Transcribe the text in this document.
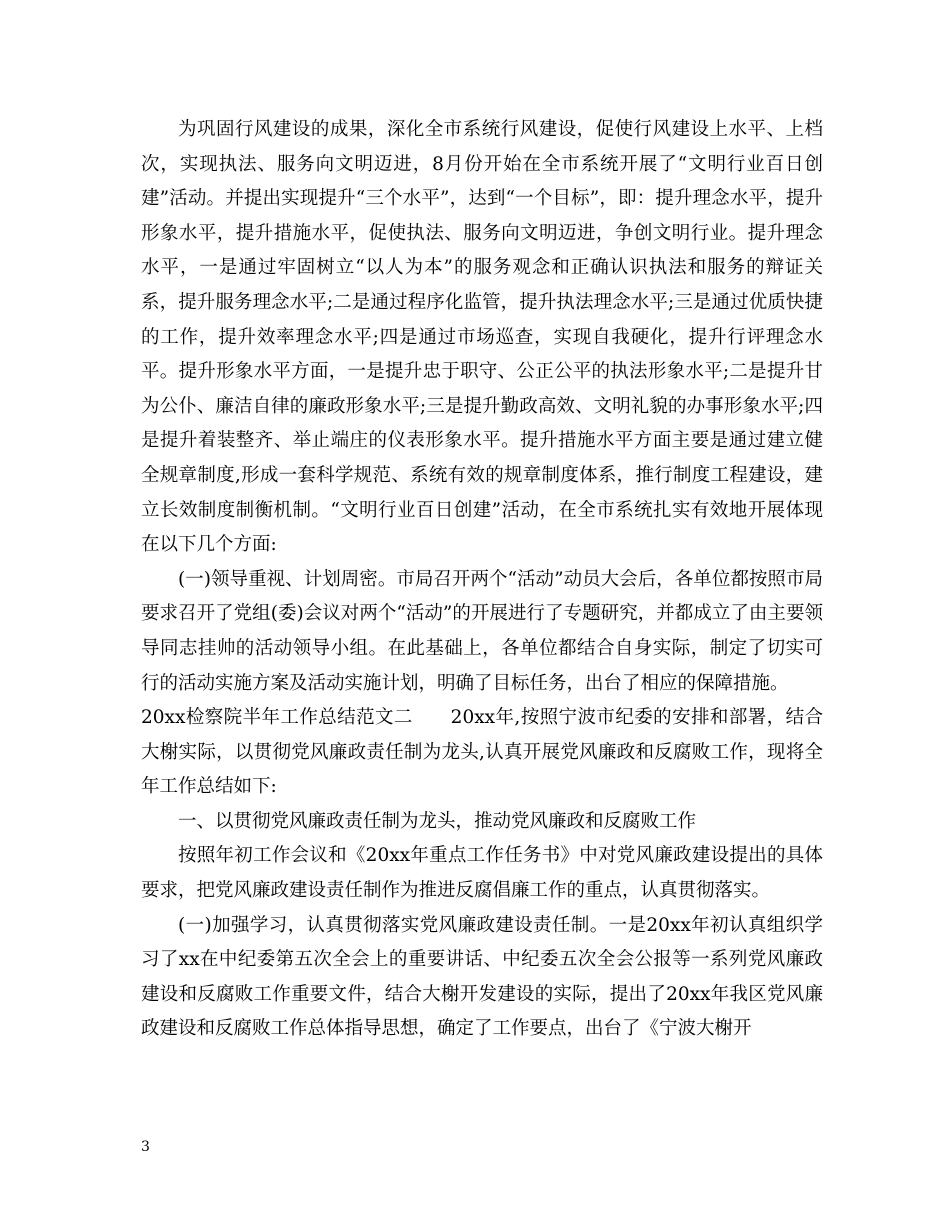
为巩固行风建设的成果，深化全市系统行风建设，促使行风建设上水平、上档次，实现执法、服务向文明迈进，8月份开始在全市系统开展了“文明行业百日创建”活动。并提出实现提升“三个水平”，达到“一个目标”，即：提升理念水平，提升形象水平，提升措施水平，促使执法、服务向文明迈进，争创文明行业。提升理念水平，一是通过牢固树立“以人为本”的服务观念和正确认识执法和服务的辩证关系，提升服务理念水平;二是通过程序化监管，提升执法理念水平;三是通过优质快捷的工作，提升效率理念水平;四是通过市场巡查，实现自我硬化，提升行评理念水平。提升形象水平方面，一是提升忠于职守、公正公平的执法形象水平;二是提升甘为公仆、廉洁自律的廉政形象水平;三是提升勤政高效、文明礼貌的办事形象水平;四是提升着装整齐、举止端庄的仪表形象水平。提升措施水平方面主要是通过建立健全规章制度,形成一套科学规范、系统有效的规章制度体系，推行制度工程建设，建立长效制度制衡机制。“文明行业百日创建”活动，在全市系统扎实有效地开展体现在以下几个方面:

(一)领导重视、计划周密。市局召开两个“活动”动员大会后，各单位都按照市局要求召开了党组(委)会议对两个“活动”的开展进行了专题研究，并都成立了由主要领导同志挂帅的活动领导小组。在此基础上，各单位都结合自身实际，制定了切实可行的活动实施方案及活动实施计划，明确了目标任务，出台了相应的保障措施。

20xx检察院半年工作总结范文二　　20xx年,按照宁波市纪委的安排和部署，结合大榭实际，以贯彻党风廉政责任制为龙头,认真开展党风廉政和反腐败工作，现将全年工作总结如下:

一、以贯彻党风廉政责任制为龙头，推动党风廉政和反腐败工作

按照年初工作会议和《20xx年重点工作任务书》中对党风廉政建设提出的具体要求，把党风廉政建设责任制作为推进反腐倡廉工作的重点，认真贯彻落实。

(一)加强学习，认真贯彻落实党风廉政建设责任制。一是20xx年初认真组织学习了xx在中纪委第五次全会上的重要讲话、中纪委五次全会公报等一系列党风廉政建设和反腐败工作重要文件，结合大榭开发建设的实际，提出了20xx年我区党风廉政建设和反腐败工作总体指导思想，确定了工作要点，出台了《宁波大榭开

3
